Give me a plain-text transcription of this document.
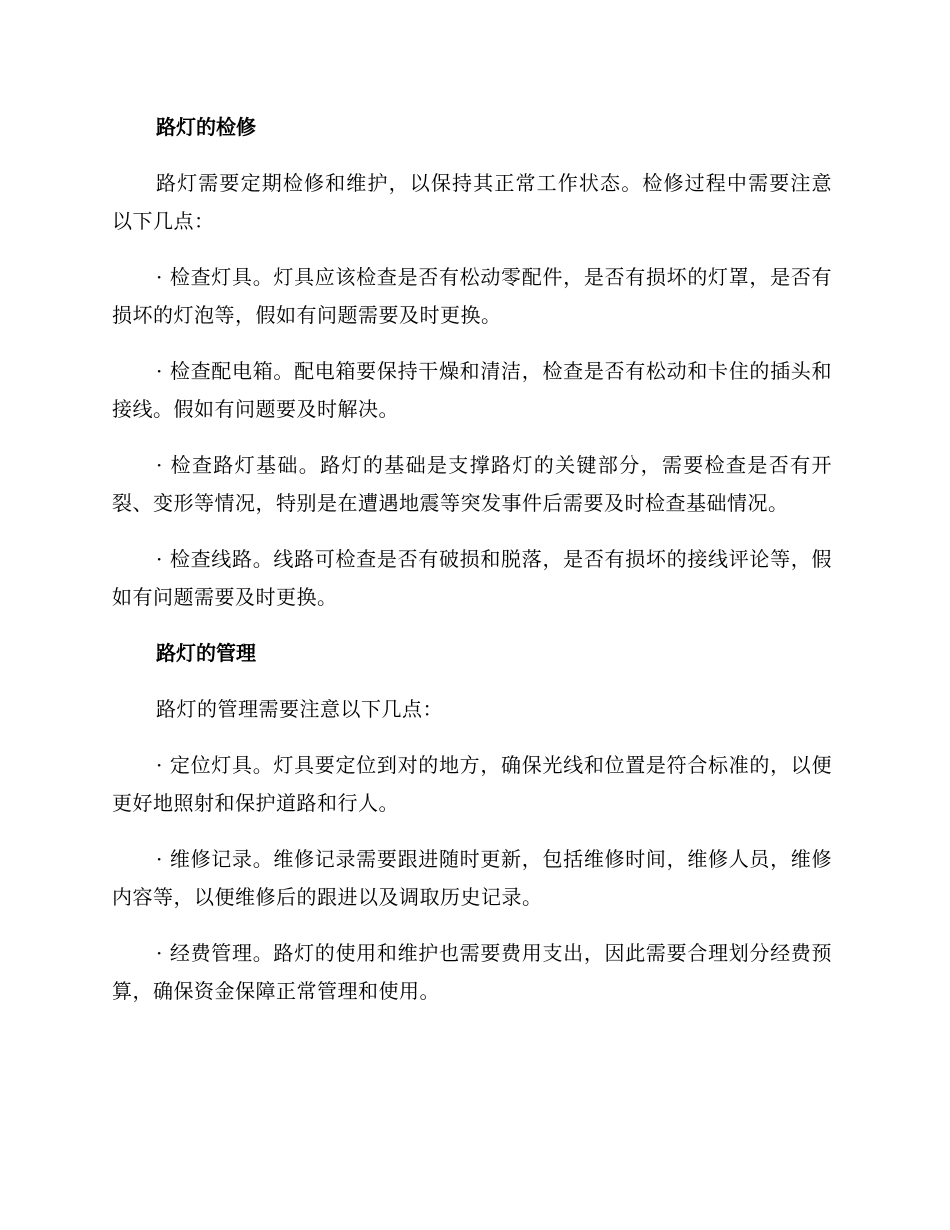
路灯的检修

路灯需要定期检修和维护，以保持其正常工作状态。检修过程中需要注意以下几点：

· 检查灯具。灯具应该检查是否有松动零配件，是否有损坏的灯罩，是否有损坏的灯泡等，假如有问题需要及时更换。

· 检查配电箱。配电箱要保持干燥和清洁，检查是否有松动和卡住的插头和接线。假如有问题要及时解决。

· 检查路灯基础。路灯的基础是支撑路灯的关键部分，需要检查是否有开裂、变形等情况，特别是在遭遇地震等突发事件后需要及时检查基础情况。

· 检查线路。线路可检查是否有破损和脱落，是否有损坏的接线评论等，假如有问题需要及时更换。

路灯的管理

路灯的管理需要注意以下几点：

· 定位灯具。灯具要定位到对的地方，确保光线和位置是符合标准的，以便更好地照射和保护道路和行人。

· 维修记录。维修记录需要跟进随时更新，包括维修时间，维修人员，维修内容等，以便维修后的跟进以及调取历史记录。

· 经费管理。路灯的使用和维护也需要费用支出，因此需要合理划分经费预算，确保资金保障正常管理和使用。
